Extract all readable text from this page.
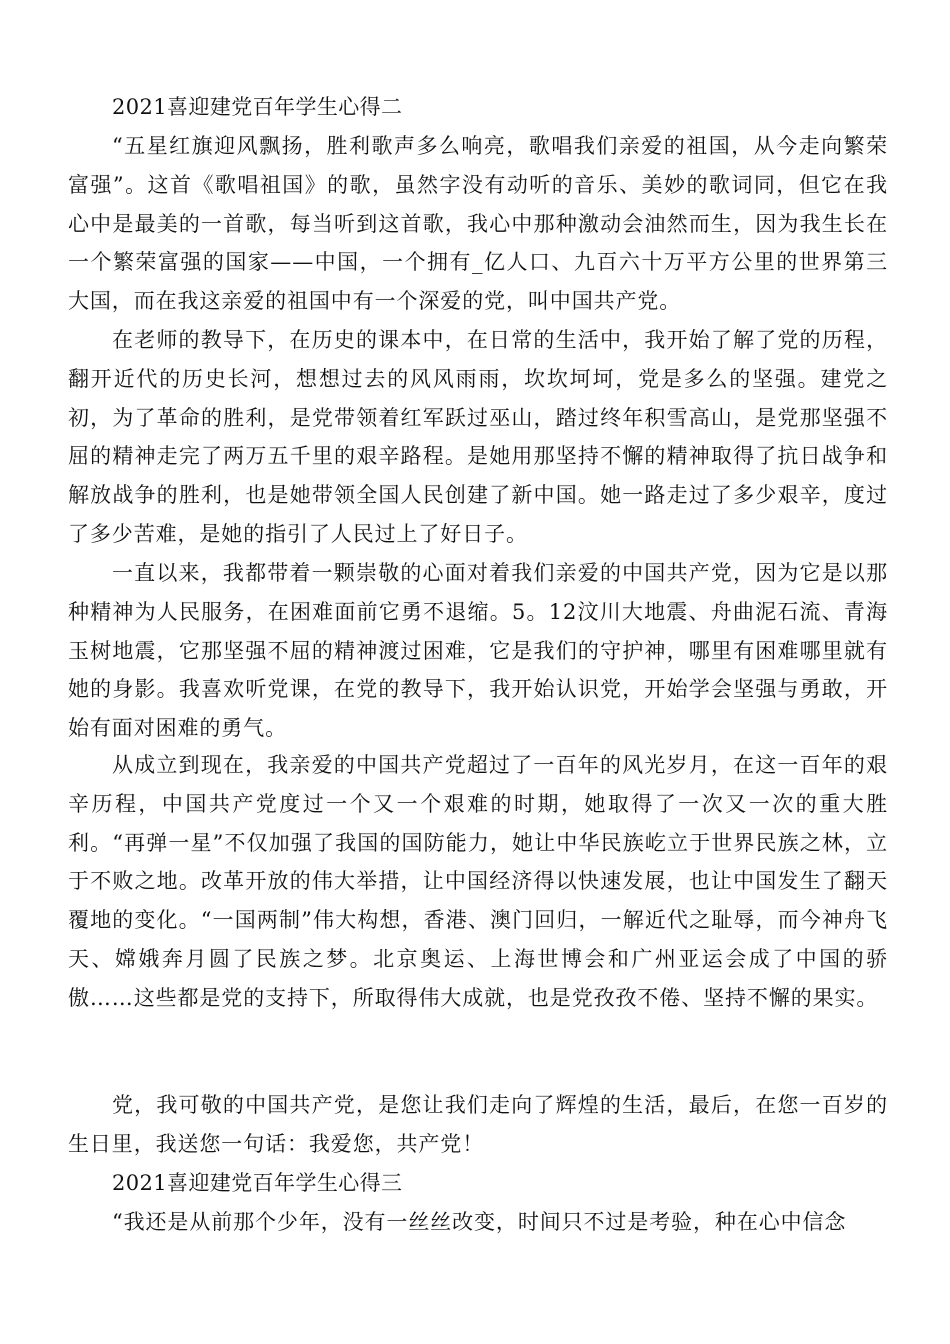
2021喜迎建党百年学生心得二

“五星红旗迎风飘扬，胜利歌声多么响亮，歌唱我们亲爱的祖国，从今走向繁荣富强”。这首《歌唱祖国》的歌，虽然字没有动听的音乐、美妙的歌词同，但它在我心中是最美的一首歌，每当听到这首歌，我心中那种激动会油然而生，因为我生长在一个繁荣富强的国家——中国，一个拥有_亿人口、九百六十万平方公里的世界第三大国，而在我这亲爱的祖国中有一个深爱的党，叫中国共产党。

在老师的教导下，在历史的课本中，在日常的生活中，我开始了解了党的历程，翻开近代的历史长河，想想过去的风风雨雨，坎坎坷坷，党是多么的坚强。建党之初，为了革命的胜利，是党带领着红军跃过巫山，踏过终年积雪高山，是党那坚强不屈的精神走完了两万五千里的艰辛路程。是她用那坚持不懈的精神取得了抗日战争和解放战争的胜利，也是她带领全国人民创建了新中国。她一路走过了多少艰辛，度过了多少苦难，是她的指引了人民过上了好日子。

一直以来，我都带着一颗崇敬的心面对着我们亲爱的中国共产党，因为它是以那种精神为人民服务，在困难面前它勇不退缩。5。12汶川大地震、舟曲泥石流、青海玉树地震，它那坚强不屈的精神渡过困难，它是我们的守护神，哪里有困难哪里就有她的身影。我喜欢听党课，在党的教导下，我开始认识党，开始学会坚强与勇敢，开始有面对困难的勇气。

从成立到现在，我亲爱的中国共产党超过了一百年的风光岁月，在这一百年的艰辛历程，中国共产党度过一个又一个艰难的时期，她取得了一次又一次的重大胜利。“再弹一星”不仅加强了我国的国防能力，她让中华民族屹立于世界民族之林，立于不败之地。改革开放的伟大举措，让中国经济得以快速发展，也让中国发生了翻天覆地的变化。“一国两制”伟大构想，香港、澳门回归，一解近代之耻辱，而今神舟飞天、嫦娥奔月圆了民族之梦。北京奥运、上海世博会和广州亚运会成了中国的骄傲……这些都是党的支持下，所取得伟大成就，也是党孜孜不倦、坚持不懈的果实。

党，我可敬的中国共产党，是您让我们走向了辉煌的生活，最后，在您一百岁的生日里，我送您一句话：我爱您，共产党！

2021喜迎建党百年学生心得三

“我还是从前那个少年，没有一丝丝改变，时间只不过是考验，种在心中信念
